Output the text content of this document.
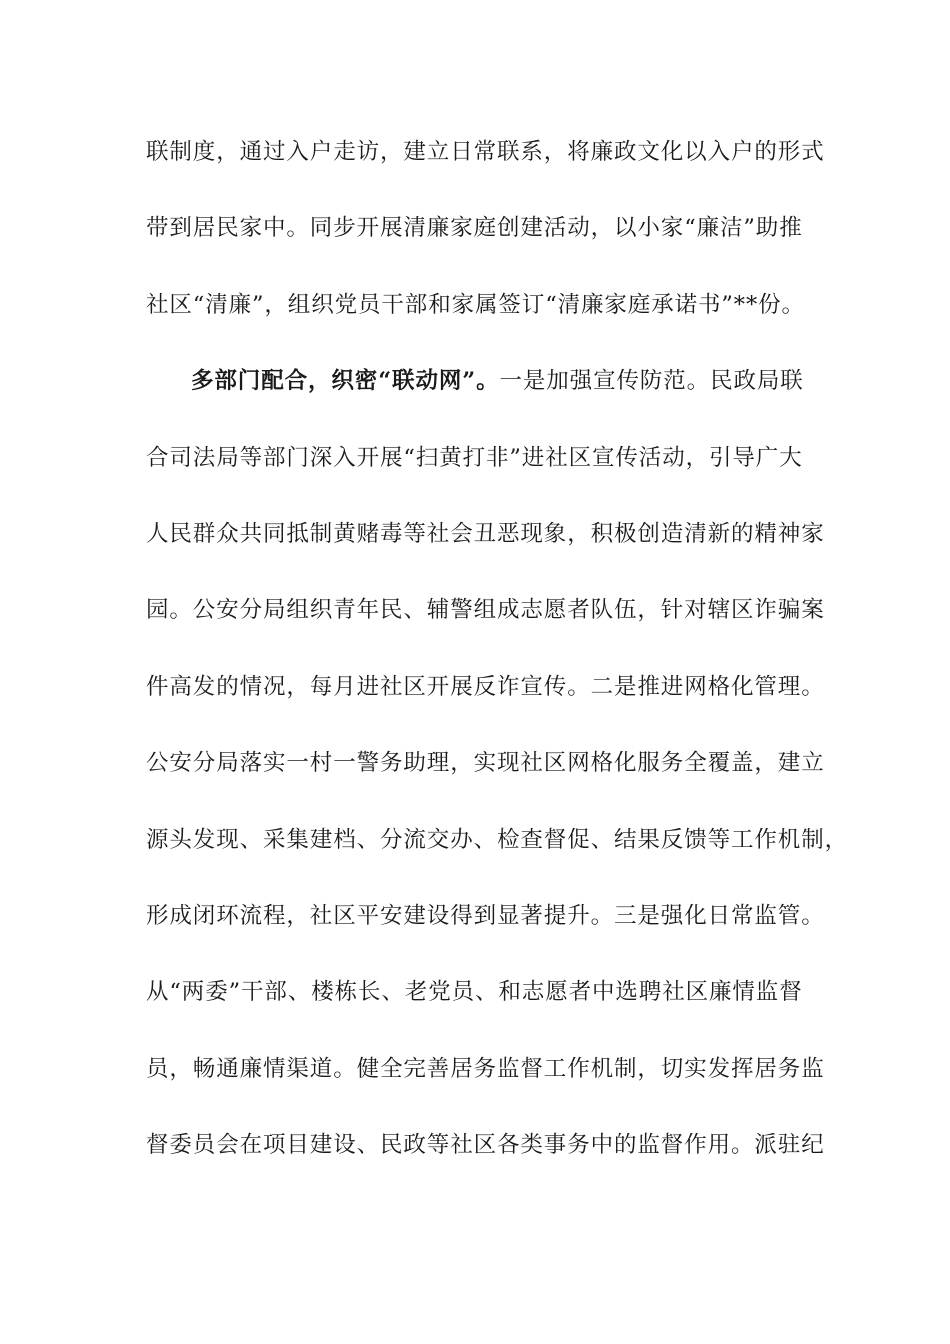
联制度，通过入户走访，建立日常联系，将廉政文化以入户的形式
带到居民家中。同步开展清廉家庭创建活动，以小家“廉洁”助推
社区“清廉”，组织党员干部和家属签订“清廉家庭承诺书”**份。
多部门配合，织密“联动网”。一是加强宣传防范。民政局联
合司法局等部门深入开展“扫黄打非”进社区宣传活动，引导广大
人民群众共同抵制黄赌毒等社会丑恶现象，积极创造清新的精神家
园。公安分局组织青年民、辅警组成志愿者队伍，针对辖区诈骗案
件高发的情况，每月进社区开展反诈宣传。二是推进网格化管理。
公安分局落实一村一警务助理，实现社区网格化服务全覆盖，建立
源头发现、采集建档、分流交办、检查督促、结果反馈等工作机制，
形成闭环流程，社区平安建设得到显著提升。三是强化日常监管。
从“两委”干部、楼栋长、老党员、和志愿者中选聘社区廉情监督
员，畅通廉情渠道。健全完善居务监督工作机制，切实发挥居务监
督委员会在项目建设、民政等社区各类事务中的监督作用。派驻纪
